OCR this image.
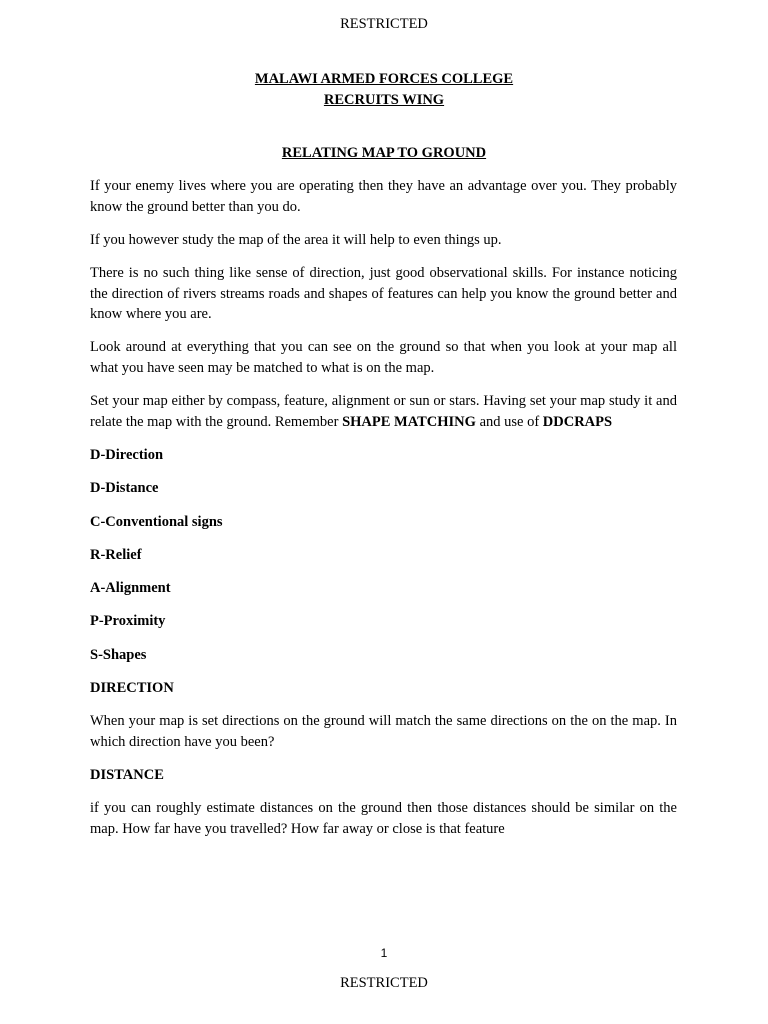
RESTRICTED
MALAWI ARMED FORCES COLLEGE
RECRUITS WING
RELATING MAP TO GROUND

If your enemy lives where you are operating then they have an advantage over you. They probably know the ground better than you do.

If you however study the map of the area it will help to even things up.

There is no such thing like sense of direction, just good observational skills. For instance noticing the direction of rivers streams roads and shapes of features can help you know the ground better and know where you are.

Look around at everything that you can see on the ground so that when you look at your map all what you have seen may be matched to what is on the map.

Set your map either by compass, feature, alignment or sun or stars. Having set your map study it and relate the map with the ground. Remember SHAPE MATCHING and use of DDCRAPS

D-Direction
D-Distance
C-Conventional signs
R-Relief
A-Alignment
P-Proximity
S-Shapes
DIRECTION

When your map is set directions on the ground will match the same directions on the on the map. In which direction have you been?

DISTANCE

if you can roughly estimate distances on the ground then those distances should be similar on the map. How far have you travelled? How far away or close is that feature

1
RESTRICTED
